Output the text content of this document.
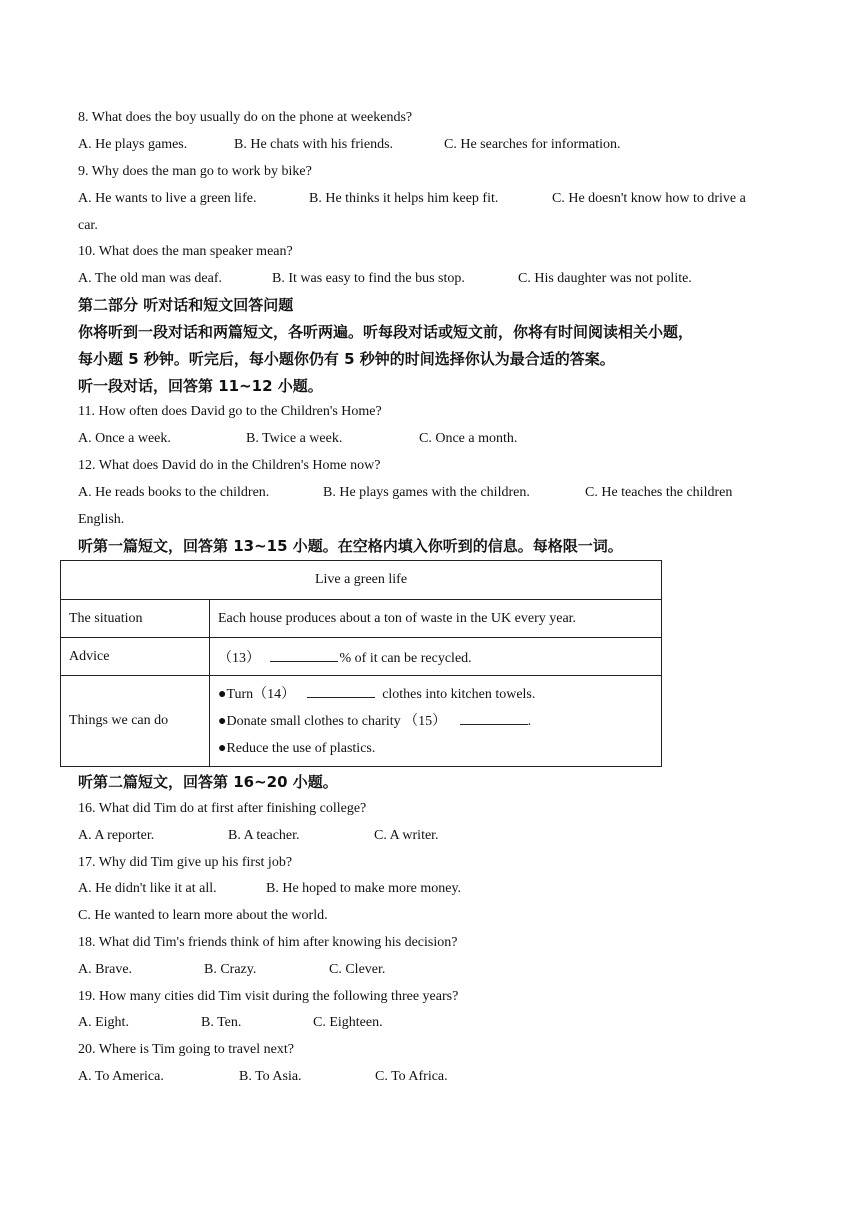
8. What does the boy usually do on the phone at weekends?
A. He plays games.	B. He chats with his friends.	C. He searches for information.
9. Why does the man go to work by bike?
A. He wants to live a green life.	B. He thinks it helps him keep fit.	C. He doesn't know how to drive a
car.
10. What does the man speaker mean?
A. The old man was deaf.	B. It was easy to find the bus stop.	C. His daughter was not polite.
第二部分 听对话和短文回答问题
你将听到一段对话和两篇短文，各听两遍。听每段对话或短文前，你将有时间阅读相关小题，
每小题 5 秒钟。听完后，每小题你仍有 5 秒钟的时间选择你认为最合适的答案。
听一段对话，回答第 11~12 小题。
11. How often does David go to the Children's Home?
A. Once a week.	B. Twice a week.	C. Once a month.
12. What does David do in the Children's Home now?
A. He reads books to the children.	B. He plays games with the children.	C. He teaches the children
English.
听第一篇短文，回答第 13~15 小题。在空格内填入你听到的信息。每格限一词。
Live a green life	
The situation	Each house produces about a ton of waste in the UK every year.
Advice	（13） % of it can be recycled.
Things we can do	●Turn（14） clothes into kitchen towels.
●Donate small clothes to charity （15） .
●Reduce the use of plastics.
听第二篇短文，回答第 16~20 小题。
16. What did Tim do at first after finishing college?
A. A reporter.	B. A teacher.	C. A writer.
17. Why did Tim give up his first job?
A. He didn't like it at all.	B. He hoped to make more money.
C. He wanted to learn more about the world.
18. What did Tim's friends think of him after knowing his decision?
A. Brave.	B. Crazy.	C. Clever.
19. How many cities did Tim visit during the following three years?
A. Eight.	B. Ten.	C. Eighteen.
20. Where is Tim going to travel next?
A. To America.	B. To Asia.	C. To Africa.
